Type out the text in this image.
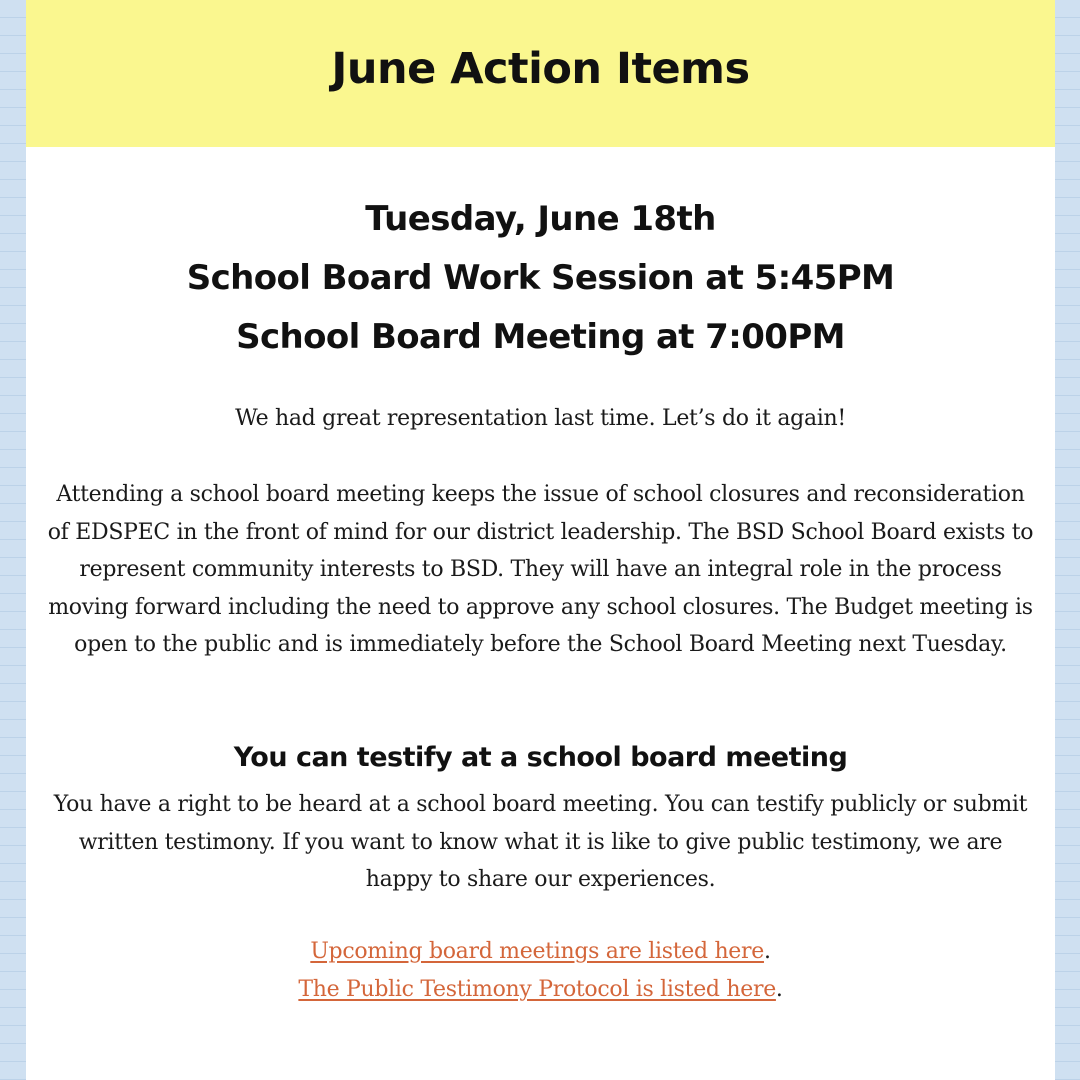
June Action Items
Tuesday, June 18th
School Board Work Session at 5:45PM
School Board Meeting at 7:00PM

We had great representation last time. Let’s do it again!

Attending a school board meeting keeps the issue of school closures and reconsideration of EDSPEC in the front of mind for our district leadership. The BSD School Board exists to represent community interests to BSD. They will have an integral role in the process moving forward including the need to approve any school closures. The Budget meeting is open to the public and is immediately before the School Board Meeting next Tuesday.

You can testify at a school board meeting

You have a right to be heard at a school board meeting. You can testify publicly or submit written testimony. If you want to know what it is like to give public testimony, we are happy to share our experiences.

Upcoming board meetings are listed here.
The Public Testimony Protocol is listed here.
